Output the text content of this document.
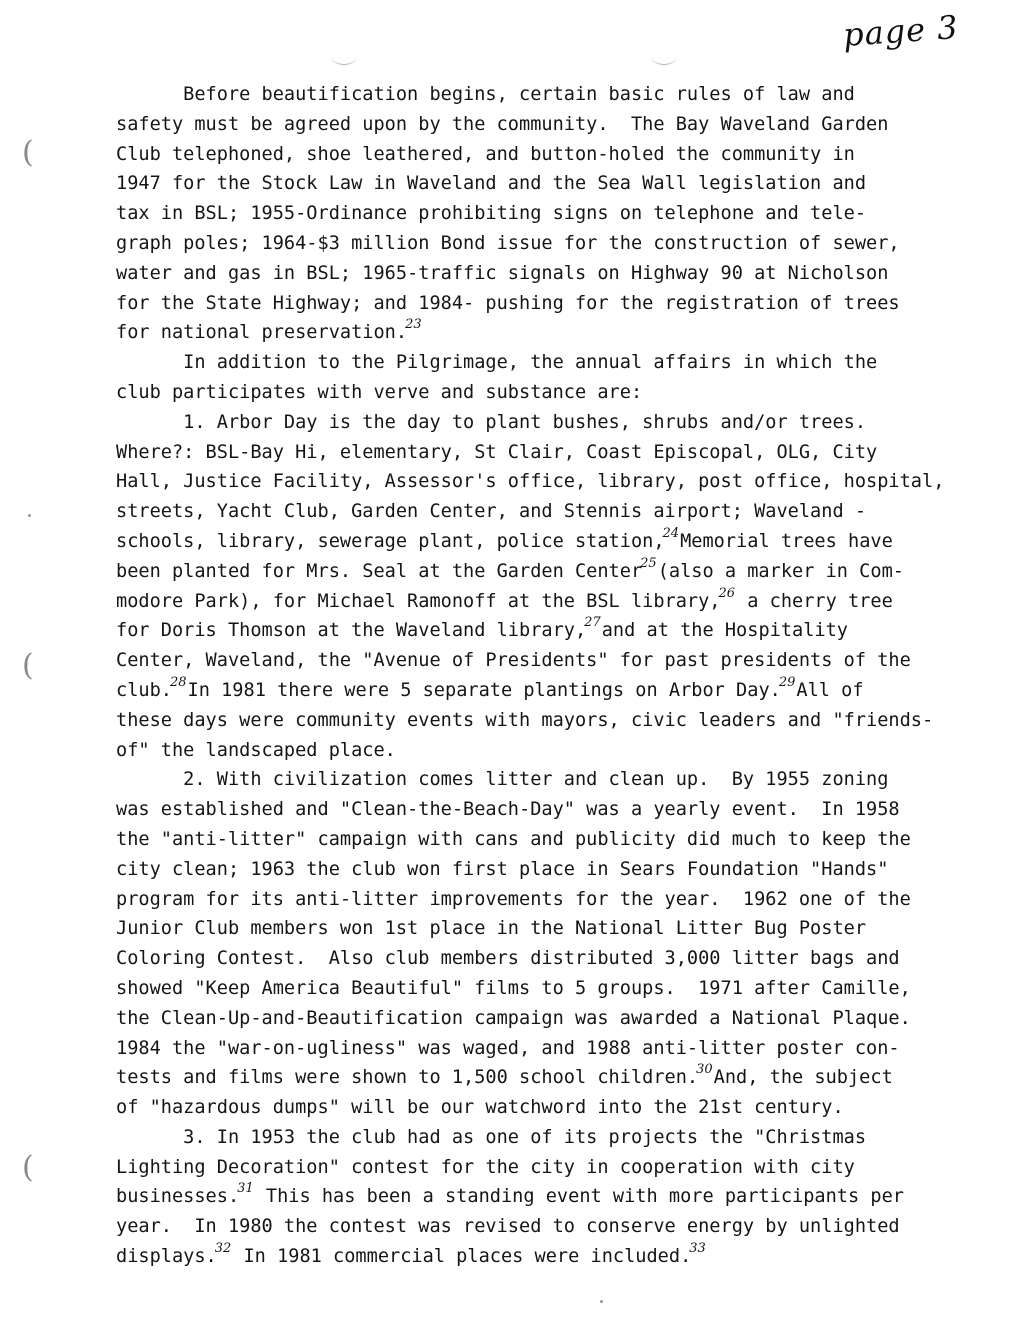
(
(
(
page 3
Before beautification begins, certain basic rules of law and
safety must be agreed upon by the community.  The Bay Waveland Garden
Club telephoned, shoe leathered, and button-holed the community in
1947 for the Stock Law in Waveland and the Sea Wall legislation and
tax in BSL; 1955-Ordinance prohibiting signs on telephone and tele-
graph poles; 1964-$3 million Bond issue for the construction of sewer,
water and gas in BSL; 1965-traffic signals on Highway 90 at Nicholson
for the State Highway; and 1984- pushing for the registration of trees
for national preservation.$^{23}$
In addition to the Pilgrimage, the annual affairs in which the
club participates with verve and substance are:
1. Arbor Day is the day to plant bushes, shrubs and/or trees.
Where?: BSL-Bay Hi, elementary, St Clair, Coast Episcopal, OLG, City
Hall, Justice Facility, Assessor's office, library, post office, hospital,
streets, Yacht Club, Garden Center, and Stennis airport; Waveland -
schools, library, sewerage plant, police station,$^{24}$Memorial trees have
been planted for Mrs. Seal at the Garden Center$^{25}$(also a marker in Com-
modore Park), for Michael Ramonoff at the BSL library,$^{26}$ a cherry tree
for Doris Thomson at the Waveland library,$^{27}$and at the Hospitality
Center, Waveland, the "Avenue of Presidents" for past presidents of the
club.$^{28}$In 1981 there were 5 separate plantings on Arbor Day.$^{29}$All of
these days were community events with mayors, civic leaders and "friends-
of" the landscaped place.
2. With civilization comes litter and clean up.  By 1955 zoning
was established and "Clean-the-Beach-Day" was a yearly event.  In 1958
the "anti-litter" campaign with cans and publicity did much to keep the
city clean; 1963 the club won first place in Sears Foundation "Hands"
program for its anti-litter improvements for the year.  1962 one of the
Junior Club members won 1st place in the National Litter Bug Poster
Coloring Contest.  Also club members distributed 3,000 litter bags and
showed "Keep America Beautiful" films to 5 groups.  1971 after Camille,
the Clean-Up-and-Beautification campaign was awarded a National Plaque.
1984 the "war-on-ugliness" was waged, and 1988 anti-litter poster con-
tests and films were shown to 1,500 school children.$^{30}$And, the subject
of "hazardous dumps" will be our watchword into the 21st century.
3. In 1953 the club had as one of its projects the "Christmas
Lighting Decoration" contest for the city in cooperation with city
businesses.$^{31}$ This has been a standing event with more participants per
year.  In 1980 the contest was revised to conserve energy by unlighted
displays.$^{32}$ In 1981 commercial places were included.$^{33}$
